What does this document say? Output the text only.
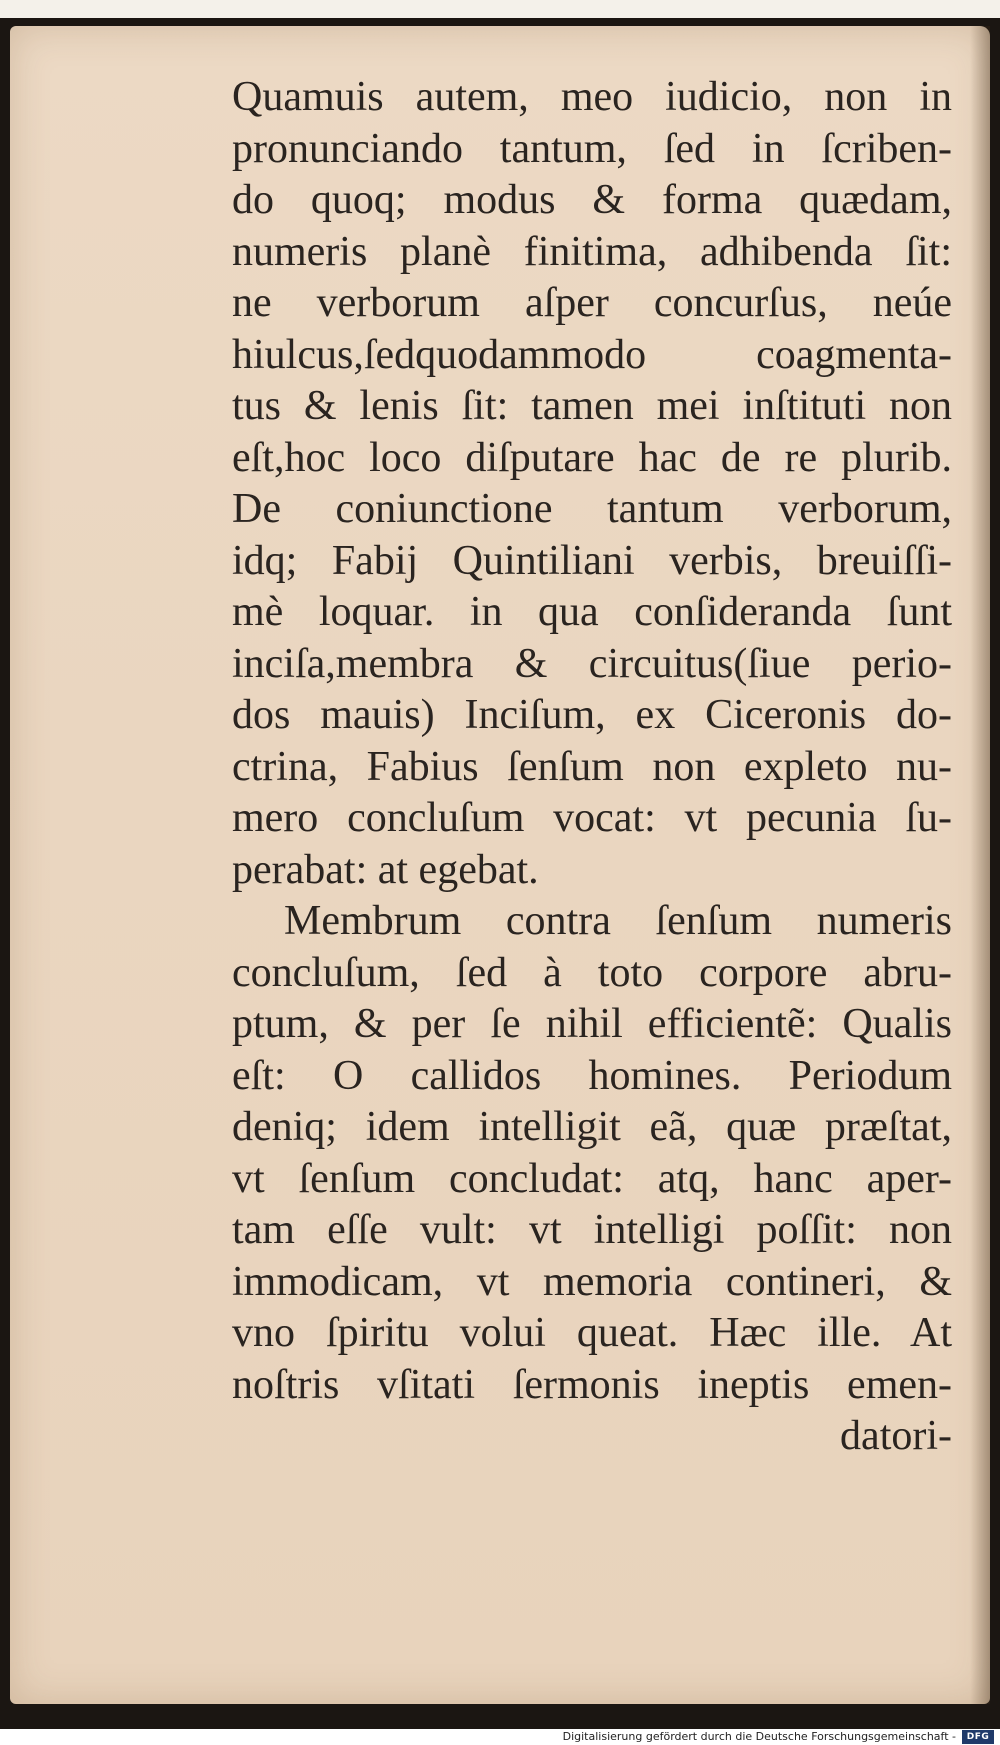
Quamuis autem, meo iudicio, non in
pronunciando tantum, ſed in ſcriben-
do quoq; modus & forma quædam,
numeris planè finitima, adhibenda ſit:
ne verborum aſper concurſus, neúe
hiulcus,ſedquodammodo coagmenta-
tus & lenis ſit: tamen mei inſtituti non
eſt,hoc loco diſputare hac de re plurib.
De coniunctione tantum verborum,
idq; Fabij Quintiliani verbis, breuiſſi-
mè loquar. in qua conſideranda ſunt
inciſa,membra & circuitus(ſiue perio-
dos mauis) Inciſum, ex Ciceronis do-
ctrina, Fabius ſenſum non expleto nu-
mero concluſum vocat: vt pecunia ſu-
perabat: at egebat.
Membrum contra ſenſum numeris
concluſum, ſed à toto corpore abru-
ptum, & per ſe nihil efficientẽ: Qualis
eſt: O callidos homines. Periodum
deniq; idem intelligit eã, quæ præſtat,
vt ſenſum concludat: atq, hanc aper-
tam eſſe vult: vt intelligi poſſit: non
immodicam, vt memoria contineri, &
vno ſpiritu volui queat. Hæc ille. At
noſtris vſitati ſermonis ineptis emen-
datori-
Digitalisierung gefördert durch die Deutsche Forschungsgemeinschaft -	DFG
